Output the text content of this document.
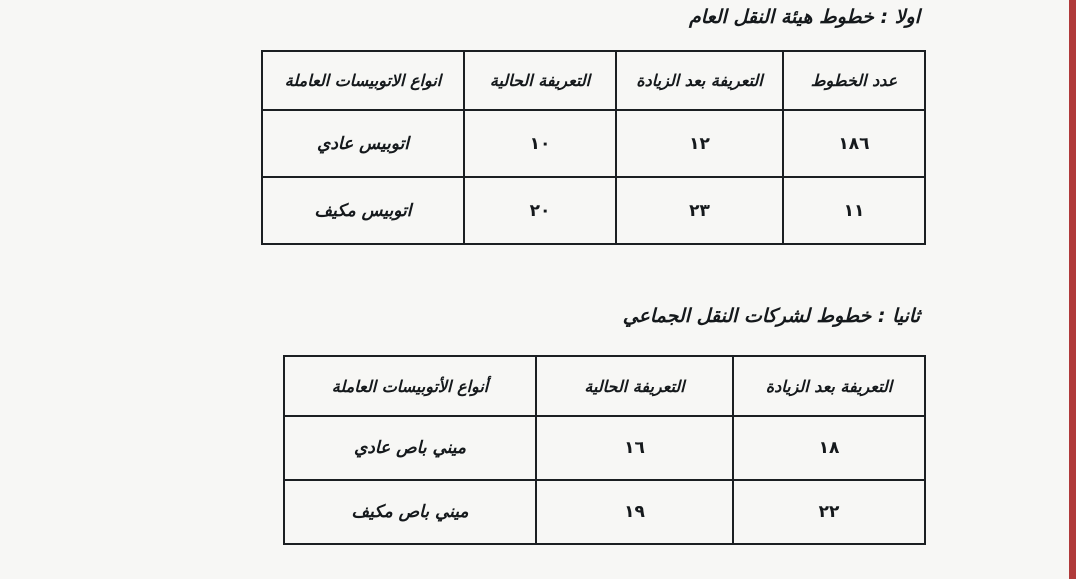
اولا : خطوط هيئة النقل العام
عدد الخطوط	التعريفة بعد الزيادة	التعريفة الحالية	انواع الاتوبيسات العاملة
١٨٦	١٢	١٠	اتوبيس عادي
١١	٢٣	٢٠	اتوبيس مكيف
ثانيا : خطوط لشركات النقل الجماعي
التعريفة بعد الزيادة	التعريفة الحالية	أنواع الأتوبيسات العاملة
١٨	١٦	ميني باص عادي
٢٢	١٩	ميني باص مكيف
